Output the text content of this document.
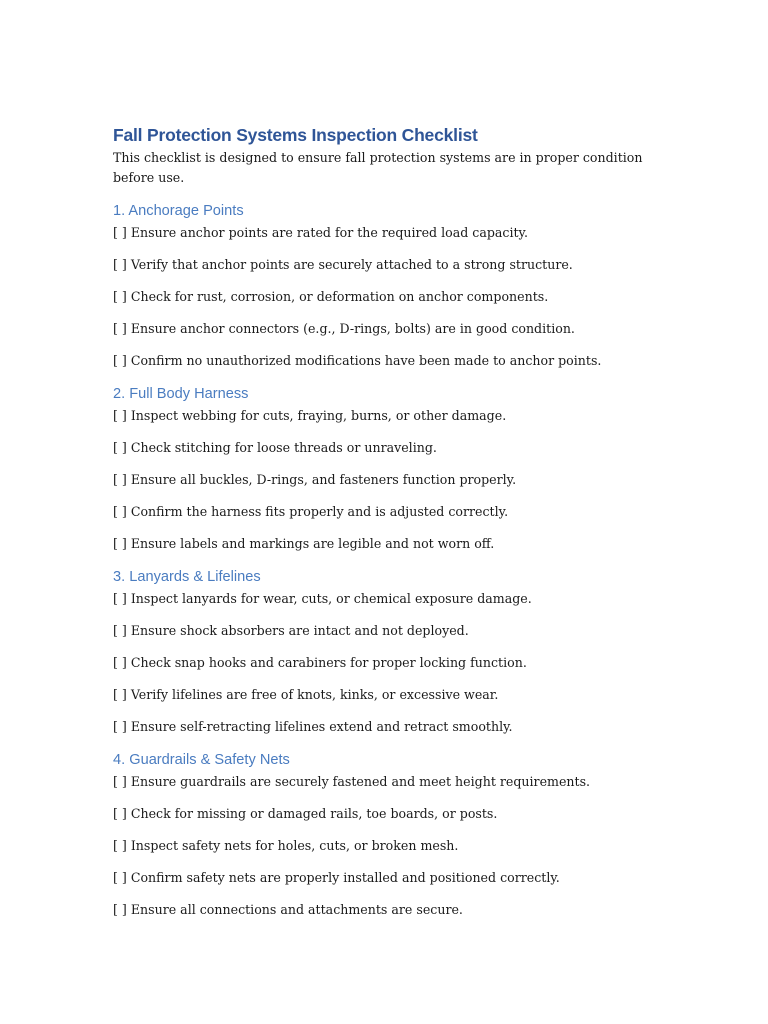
Fall Protection Systems Inspection Checklist

This checklist is designed to ensure fall protection systems are in proper condition before use.

1. Anchorage Points

[ ] Ensure anchor points are rated for the required load capacity.

[ ] Verify that anchor points are securely attached to a strong structure.

[ ] Check for rust, corrosion, or deformation on anchor components.

[ ] Ensure anchor connectors (e.g., D-rings, bolts) are in good condition.

[ ] Confirm no unauthorized modifications have been made to anchor points.

2. Full Body Harness

[ ] Inspect webbing for cuts, fraying, burns, or other damage.

[ ] Check stitching for loose threads or unraveling.

[ ] Ensure all buckles, D-rings, and fasteners function properly.

[ ] Confirm the harness fits properly and is adjusted correctly.

[ ] Ensure labels and markings are legible and not worn off.

3. Lanyards & Lifelines

[ ] Inspect lanyards for wear, cuts, or chemical exposure damage.

[ ] Ensure shock absorbers are intact and not deployed.

[ ] Check snap hooks and carabiners for proper locking function.

[ ] Verify lifelines are free of knots, kinks, or excessive wear.

[ ] Ensure self-retracting lifelines extend and retract smoothly.

4. Guardrails & Safety Nets

[ ] Ensure guardrails are securely fastened and meet height requirements.

[ ] Check for missing or damaged rails, toe boards, or posts.

[ ] Inspect safety nets for holes, cuts, or broken mesh.

[ ] Confirm safety nets are properly installed and positioned correctly.

[ ] Ensure all connections and attachments are secure.
